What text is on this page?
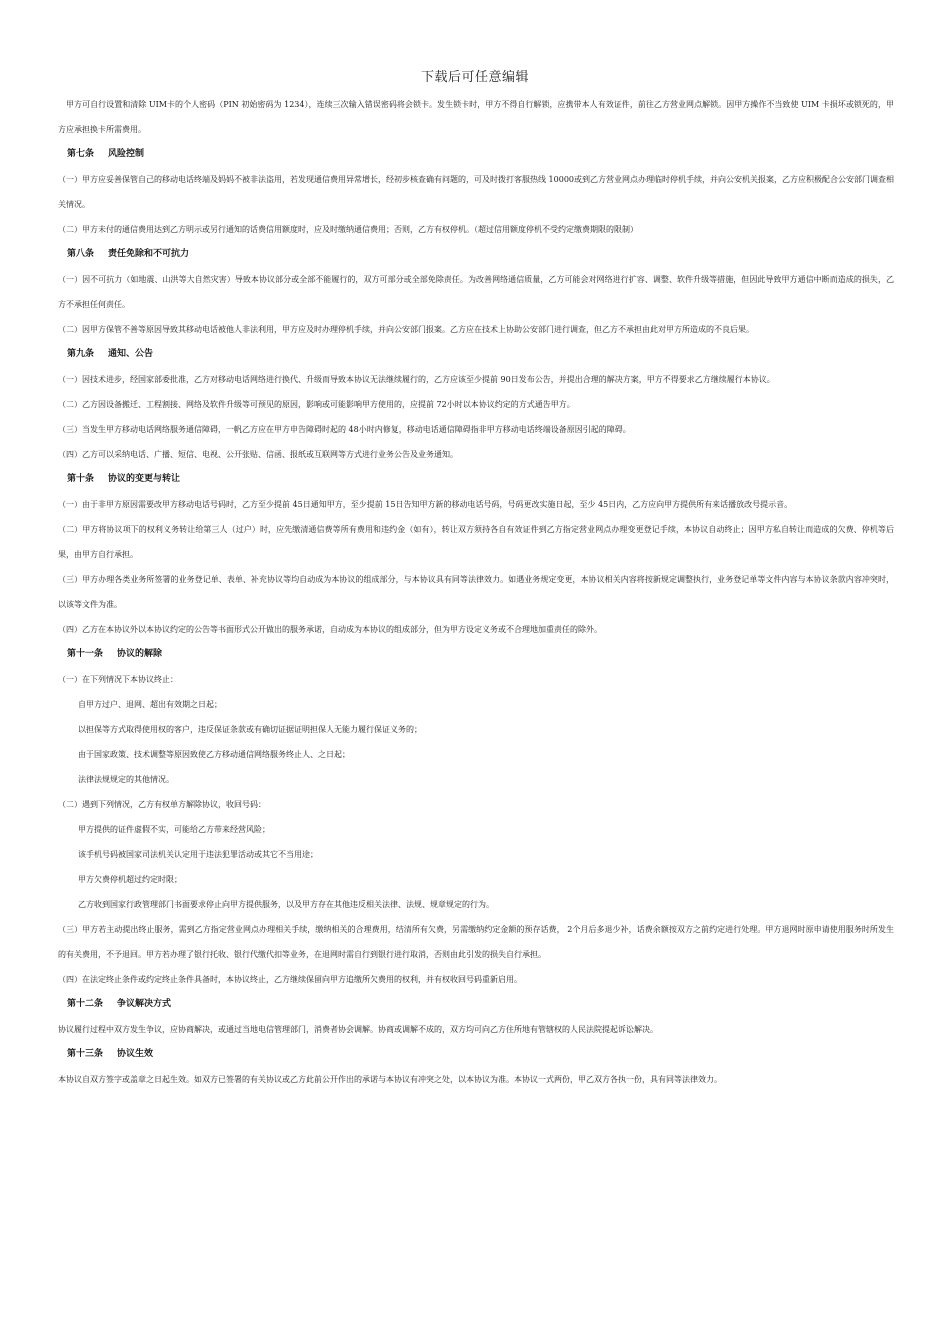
下载后可任意编辑

甲方可自行设置和清除 UIM卡的个人密码（PIN 初始密码为 1234），连续三次输入错误密码将会锁卡。发生锁卡时，甲方不得自行解锁，应携带本人有效证件，前往乙方营业网点解锁。因甲方操作不当致使 UIM 卡损坏或锁死的，甲方应承担换卡所需费用。

第七条 风险控制

（一）甲方应妥善保管自己的移动电话终端及妈妈不被非法盗用，若发现通信费用异常增长，经初步核查确有问题的，可及时拨打客服热线 10000或到乙方营业网点办理临时停机手续，并向公安机关报案，乙方应积极配合公安部门调查相关情况。

（二）甲方未付的通信费用达到乙方明示或另行通知的话费信用额度时，应及时缴纳通信费用；否则，乙方有权停机。（超过信用额度停机不受约定缴费期限的限制）

第八条 责任免除和不可抗力

（一）因不可抗力（如地震、山洪等大自然灾害）导致本协议部分或全部不能履行的，双方可部分或全部免除责任。为改善网络通信质量，乙方可能会对网络进行扩容、调整、软件升级等措施，但因此导致甲方通信中断而造成的损失，乙方不承担任何责任。

（二）因甲方保管不善等原因导致其移动电话被他人非法利用，甲方应及时办理停机手续，并向公安部门报案。乙方应在技术上协助公安部门进行调查，但乙方不承担由此对甲方所造成的不良后果。

第九条 通知、公告

（一）因技术进步，经国家部委批准，乙方对移动电话网络进行换代、升级而导致本协议无法继续履行的，乙方应该至少提前 90日发布公告，并提出合理的解决方案，甲方不得要求乙方继续履行本协议。

（二）乙方因设备搬迁、工程割接、网络及软件升级等可预见的原因，影响或可能影响甲方使用的，应提前 72小时以本协议约定的方式通告甲方。

（三）当发生甲方移动电话网络服务通信障碍，一帆乙方应在甲方申告障碍时起的 48小时内修复，移动电话通信障碍指非甲方移动电话终端设备原因引起的障碍。

（四）乙方可以采纳电话、广播、短信、电视、公开张贴、信函、报纸或互联网等方式进行业务公告及业务通知。

第十条 协议的变更与转让

（一）由于非甲方原因需要改甲方移动电话号码时，乙方至少提前 45日通知甲方，至少提前 15日告知甲方新的移动电话号码，号码更改实施日起，至少 45日内，乙方应向甲方提供所有来话播放改号提示音。

（二）甲方将协议项下的权利义务转让给第三人（过户）时，应先缴清通信费等所有费用和违约金（如有），转让双方须持各自有效证件到乙方指定营业网点办理变更登记手续，本协议自动终止；因甲方私自转让而造成的欠费、停机等后果，由甲方自行承担。

（三）甲方办理各类业务所签署的业务登记单、表单、补充协议等均自动成为本协议的组成部分，与本协议具有同等法律效力。如遇业务规定变更，本协议相关内容将按新规定调整执行，业务登记单等文件内容与本协议条款内容冲突时，以该等文件为准。

（四）乙方在本协议外以本协议约定的公告等书面形式公开做出的服务承诺，自动成为本协议的组成部分，但为甲方设定义务或不合理地加重责任的除外。

第十一条 协议的解除

（一）在下列情况下本协议终止：

自甲方过户、退网、超出有效期之日起；

以担保等方式取得使用权的客户，违反保证条款或有确切证据证明担保人无能力履行保证义务的；

由于国家政策、技术调整等原因致使乙方移动通信网络服务终止人、之日起；

法律法规规定的其他情况。

（二）遇到下列情况，乙方有权单方解除协议，收回号码：

甲方提供的证件虚假不实，可能给乙方带来经营风险；

该手机号码被国家司法机关认定用于违法犯罪活动或其它不当用途；

甲方欠费停机超过约定时限；

乙方收到国家行政管理部门书面要求停止向甲方提供服务，以及甲方存在其他违反相关法律、法规、规章规定的行为。

（三）甲方若主动提出终止服务，需到乙方指定营业网点办理相关手续，缴纳相关的合理费用，结清所有欠费，另需缴纳约定金额的预存话费， 2个月后多退少补，话费余额按双方之前约定进行处理。甲方退网时原申请使用服务时所发生的有关费用，不予退回。甲方若办理了银行托收、银行代缴代扣等业务，在退网时需自行到银行进行取消，否则由此引发的损失自行承担。

（四）在法定终止条件或约定终止条件具备时，本协议终止，乙方继续保留向甲方追缴所欠费用的权利，并有权收回号码重新启用。

第十二条 争议解决方式

协议履行过程中双方发生争议，应协商解决，或通过当地电信管理部门，消费者协会调解。协商或调解不成的，双方均可向乙方住所地有管辖权的人民法院提起诉讼解决。

第十三条 协议生效

本协议自双方签字或盖章之日起生效。如双方已签署的有关协议或乙方此前公开作出的承诺与本协议有冲突之处，以本协议为准。本协议一式两份，甲乙双方各执一份，具有同等法律效力。
